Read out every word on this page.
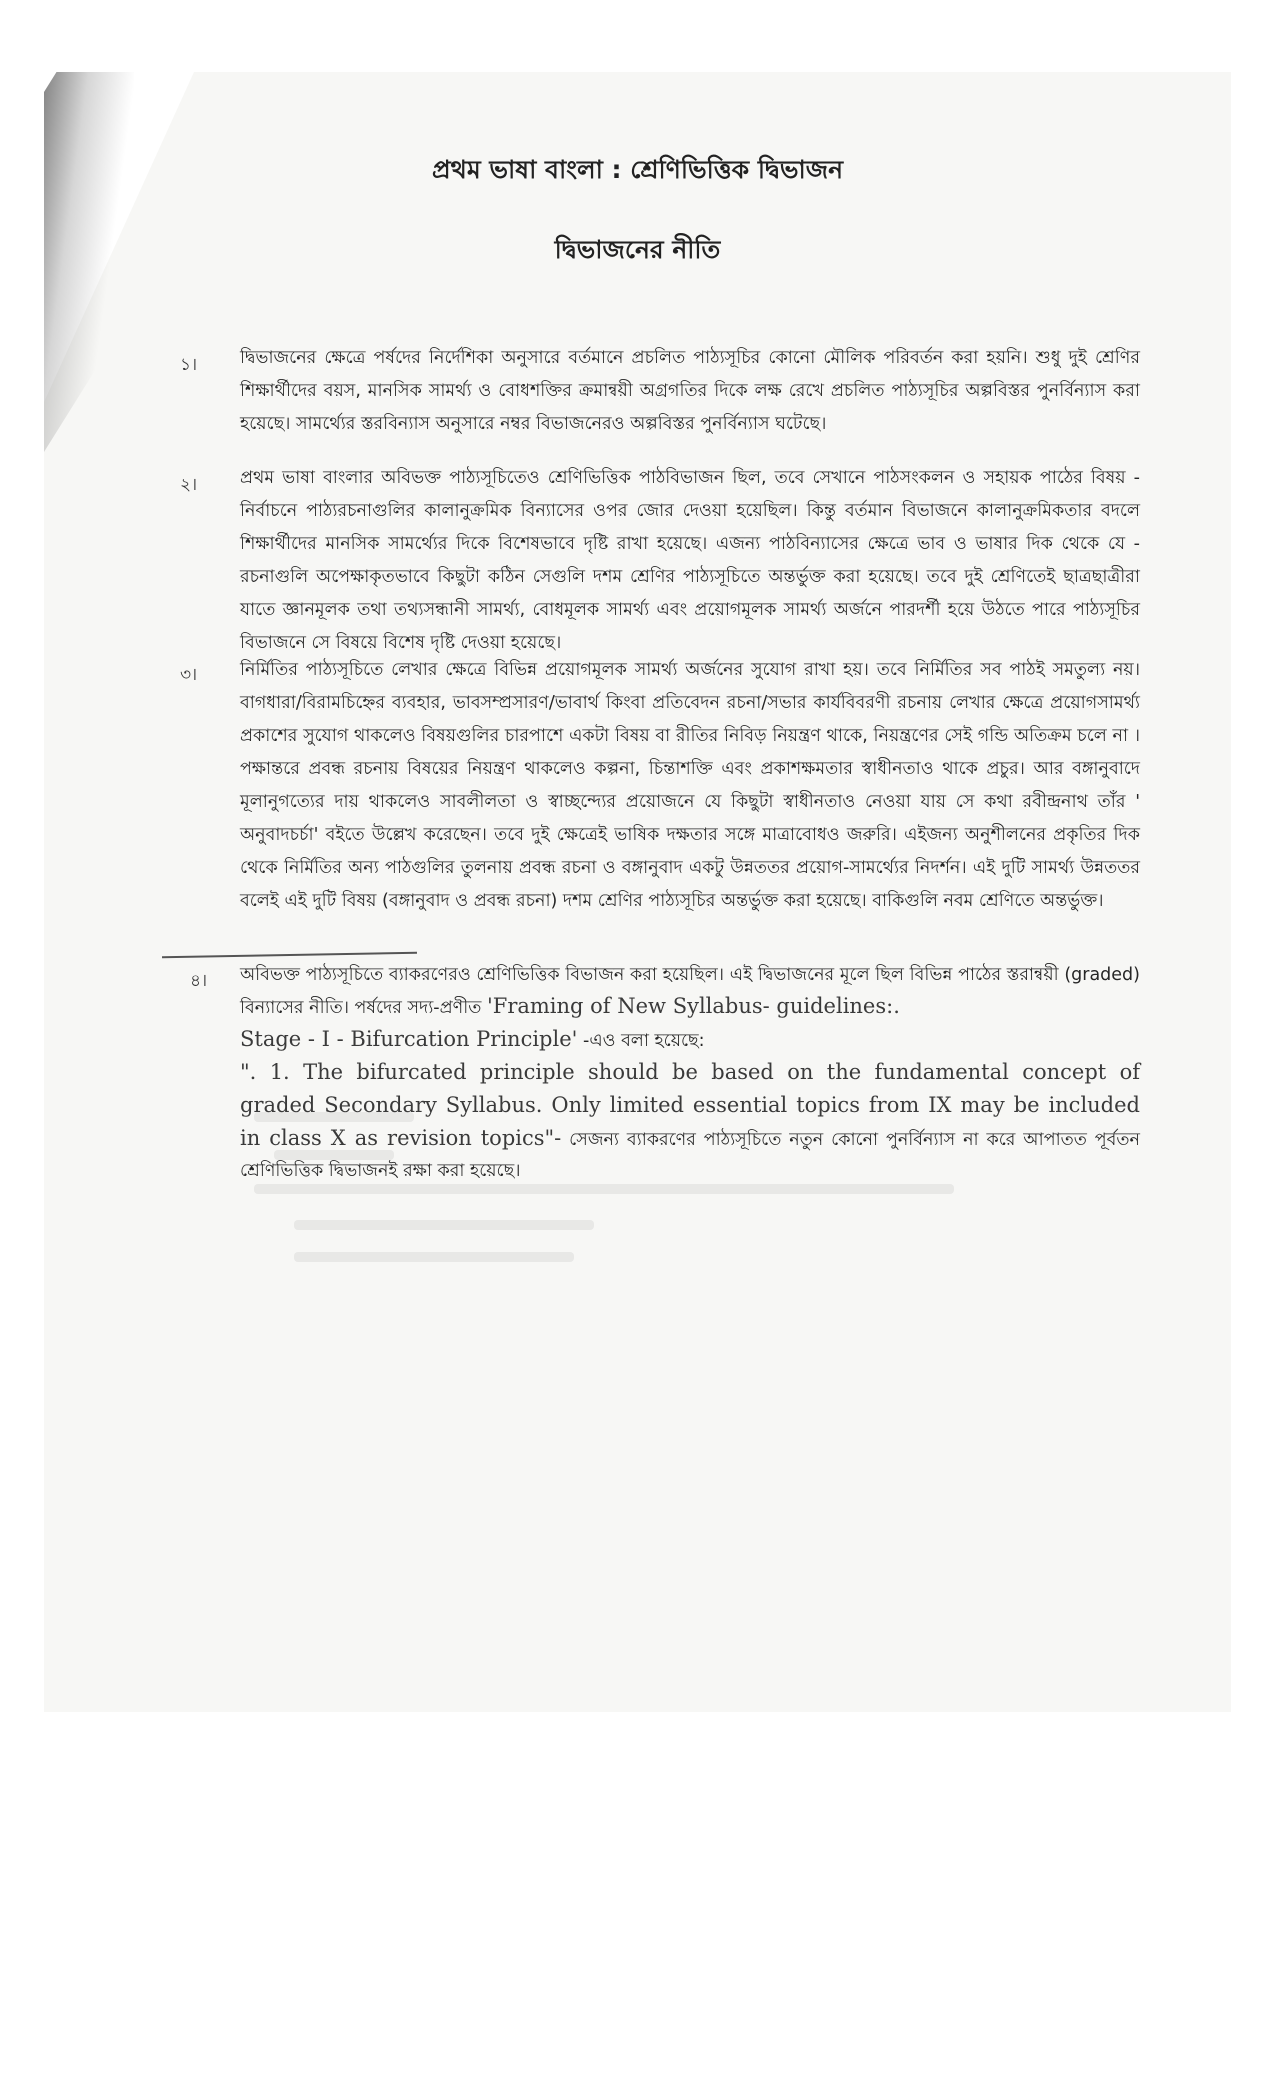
প্রথম ভাষা বাংলা : শ্রেণিভিত্তিক দ্বিভাজন
দ্বিভাজনের নীতি
১। দ্বিভাজনের ক্ষেত্রে পর্ষদের নির্দেশিকা অনুসারে বর্তমানে প্রচলিত পাঠ্যসূচির কোনো মৌলিক পরিবর্তন করা হয়নি। শুধু দুই শ্রেণির শিক্ষার্থীদের বয়স, মানসিক সামর্থ্য ও বোধশক্তির ক্রমান্বয়ী অগ্রগতির দিকে লক্ষ রেখে প্রচলিত পাঠ্যসূচির অল্পবিস্তর পুনর্বিন্যাস করা হয়েছে। সামর্থ্যের স্তরবিন্যাস অনুসারে নম্বর বিভাজনেরও অল্পবিস্তর পুনর্বিন্যাস ঘটেছে।
২। প্রথম ভাষা বাংলার অবিভক্ত পাঠ্যসূচিতেও শ্রেণিভিত্তিক পাঠবিভাজন ছিল, তবে সেখানে পাঠসংকলন ও সহায়ক পাঠের বিষয় - নির্বাচনে পাঠ্যরচনাগুলির কালানুক্রমিক বিন্যাসের ওপর জোর দেওয়া হয়েছিল। কিন্তু বর্তমান বিভাজনে কালানুক্রমিকতার বদলে শিক্ষার্থীদের মানসিক সামর্থ্যের দিকে বিশেষভাবে দৃষ্টি রাখা হয়েছে। এজন্য পাঠবিন্যাসের ক্ষেত্রে ভাব ও ভাষার দিক থেকে যে - রচনাগুলি অপেক্ষাকৃতভাবে কিছুটা কঠিন সেগুলি দশম শ্রেণির পাঠ্যসূচিতে অন্তর্ভুক্ত করা হয়েছে। তবে দুই শ্রেণিতেই ছাত্রছাত্রীরা যাতে জ্ঞানমূলক তথা তথ্যসন্ধানী সামর্থ্য, বোধমূলক সামর্থ্য এবং প্রয়োগমূলক সামর্থ্য অর্জনে পারদর্শী হয়ে উঠতে পারে পাঠ্যসূচির বিভাজনে সে বিষয়ে বিশেষ দৃষ্টি দেওয়া হয়েছে।
৩। নির্মিতির পাঠ্যসূচিতে লেখার ক্ষেত্রে বিভিন্ন প্রয়োগমূলক সামর্থ্য অর্জনের সুযোগ রাখা হয়। তবে নির্মিতির সব পাঠই সমতুল্য নয়। বাগধারা/বিরামচিহ্নের ব্যবহার, ভাবসম্প্রসারণ/ভাবার্থ কিংবা প্রতিবেদন রচনা/সভার কার্যবিবরণী রচনায় লেখার ক্ষেত্রে প্রয়োগসামর্থ্য প্রকাশের সুযোগ থাকলেও বিষয়গুলির চারপাশে একটা বিষয় বা রীতির নিবিড় নিয়ন্ত্রণ থাকে, নিয়ন্ত্রণের সেই গন্ডি অতিক্রম চলে না । পক্ষান্তরে প্রবন্ধ রচনায় বিষয়ের নিয়ন্ত্রণ থাকলেও কল্পনা, চিন্তাশক্তি এবং প্রকাশক্ষমতার স্বাধীনতাও থাকে প্রচুর। আর বঙ্গানুবাদে মূলানুগত্যের দায় থাকলেও সাবলীলতা ও স্বাচ্ছন্দ্যের প্রয়োজনে যে কিছুটা স্বাধীনতাও নেওয়া যায় সে কথা রবীন্দ্রনাথ তাঁর ' অনুবাদচর্চা' বইতে উল্লেখ করেছেন। তবে দুই ক্ষেত্রেই ভাষিক দক্ষতার সঙ্গে মাত্রাবোধও জরুরি। এইজন্য অনুশীলনের প্রকৃতির দিক থেকে নির্মিতির অন্য পাঠগুলির তুলনায় প্রবন্ধ রচনা ও বঙ্গানুবাদ একটু উন্নততর প্রয়োগ-সামর্থ্যের নিদর্শন। এই দুটি সামর্থ্য উন্নততর বলেই এই দুটি বিষয় (বঙ্গানুবাদ ও প্রবন্ধ রচনা) দশম শ্রেণির পাঠ্যসূচির অন্তর্ভুক্ত করা হয়েছে। বাকিগুলি নবম শ্রেণিতে অন্তর্ভুক্ত।
৪। অবিভক্ত পাঠ্যসূচিতে ব্যাকরণেরও শ্রেণিভিত্তিক বিভাজন করা হয়েছিল। এই দ্বিভাজনের মূলে ছিল বিভিন্ন পাঠের স্তরান্বয়ী (graded) বিন্যাসের নীতি। পর্ষদের সদ্য-প্রণীত 'Framing of New Syllabus- guidelines:.
Stage - I - Bifurcation Principle' -এও বলা হয়েছে:
". 1. The bifurcated principle should be based on the fundamental concept of graded Secondary Syllabus. Only limited essential topics from IX may be included in class X as revision topics"- সেজন্য ব্যাকরণের পাঠ্যসূচিতে নতুন কোনো পুনর্বিন্যাস না করে আপাতত পূর্বতন শ্রেণিভিত্তিক দ্বিভাজনই রক্ষা করা হয়েছে।
